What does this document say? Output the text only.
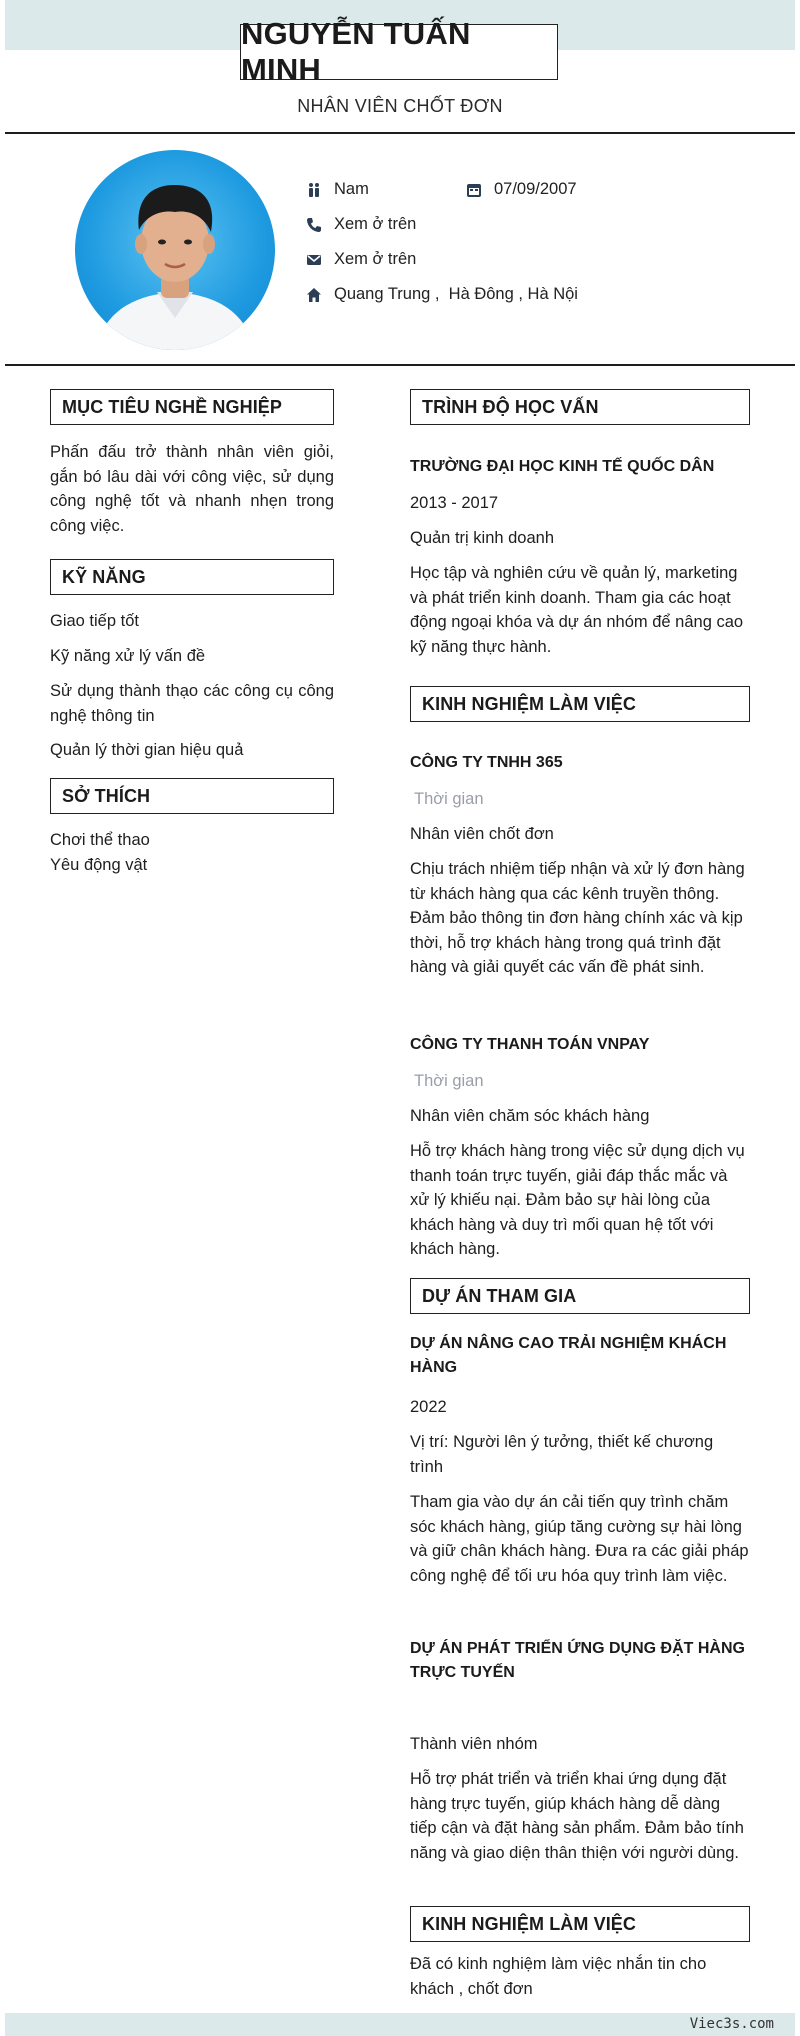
NGUYỄN TUẤN MINH
NHÂN VIÊN CHỐT ĐƠN
Nam	07/09/2007
Xem ở trên
Xem ở trên
Quang Trung ,  Hà Đông , Hà Nội
MỤC TIÊU NGHỀ NGHIỆP
Phấn đấu trở thành nhân viên giỏi, gắn bó lâu dài với công việc, sử dụng công nghệ tốt và nhanh nhẹn trong công việc.
KỸ NĂNG
Giao tiếp tốt
Kỹ năng xử lý vấn đề
Sử dụng thành thạo các công cụ công nghệ thông tin
Quản lý thời gian hiệu quả
SỞ THÍCH
Chơi thể thao
Yêu động vật
TRÌNH ĐỘ HỌC VẤN
TRƯỜNG ĐẠI HỌC KINH TẾ QUỐC DÂN
2013 - 2017
Quản trị kinh doanh
Học tập và nghiên cứu về quản lý, marketing và phát triển kinh doanh. Tham gia các hoạt động ngoại khóa và dự án nhóm để nâng cao kỹ năng thực hành.
KINH NGHIỆM LÀM VIỆC
CÔNG TY TNHH 365
Thời gian
Nhân viên chốt đơn
Chịu trách nhiệm tiếp nhận và xử lý đơn hàng từ khách hàng qua các kênh truyền thông. Đảm bảo thông tin đơn hàng chính xác và kịp thời, hỗ trợ khách hàng trong quá trình đặt hàng và giải quyết các vấn đề phát sinh.
CÔNG TY THANH TOÁN VNPAY
Thời gian
Nhân viên chăm sóc khách hàng
Hỗ trợ khách hàng trong việc sử dụng dịch vụ thanh toán trực tuyến, giải đáp thắc mắc và xử lý khiếu nại. Đảm bảo sự hài lòng của khách hàng và duy trì mối quan hệ tốt với khách hàng.
DỰ ÁN THAM GIA
DỰ ÁN NÂNG CAO TRẢI NGHIỆM KHÁCH HÀNG
2022
Vị trí: Người lên ý tưởng, thiết kế chương trình
Tham gia vào dự án cải tiến quy trình chăm sóc khách hàng, giúp tăng cường sự hài lòng và giữ chân khách hàng. Đưa ra các giải pháp công nghệ để tối ưu hóa quy trình làm việc.
DỰ ÁN PHÁT TRIỂN ỨNG DỤNG ĐẶT HÀNG TRỰC TUYẾN
Thành viên nhóm
Hỗ trợ phát triển và triển khai ứng dụng đặt hàng trực tuyến, giúp khách hàng dễ dàng tiếp cận và đặt hàng sản phẩm. Đảm bảo tính năng và giao diện thân thiện với người dùng.
KINH NGHIỆM LÀM VIỆC
Đã có kinh nghiệm làm việc nhắn tin cho khách , chốt đơn
Viec3s.com
